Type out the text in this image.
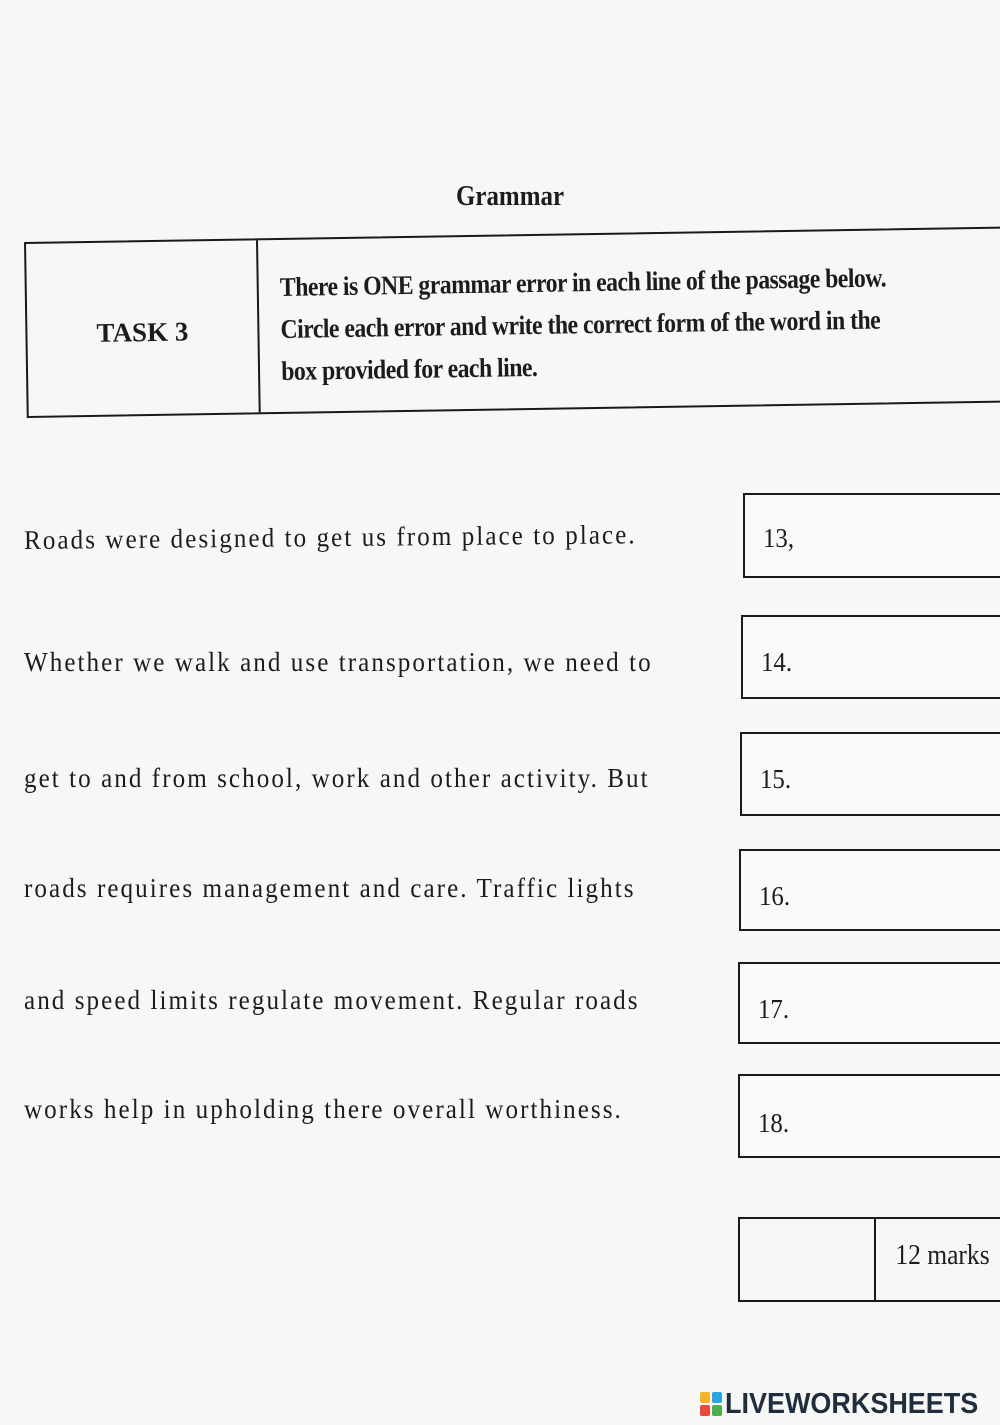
Grammar
TASK 3
There is ONE grammar error in each line of the passage below.
Circle each error and write the correct form of the word in the
box provided for each line.
Roads were designed to get us from place to place.
Whether we walk and use transportation, we need to
get to and from school, work and other activity. But
roads requires management and care. Traffic lights
and speed limits regulate movement. Regular roads
works help in upholding there overall worthiness.
13,
14.
15.
16.
17.
18.
12 marks
LIVEWORKSHEETS
